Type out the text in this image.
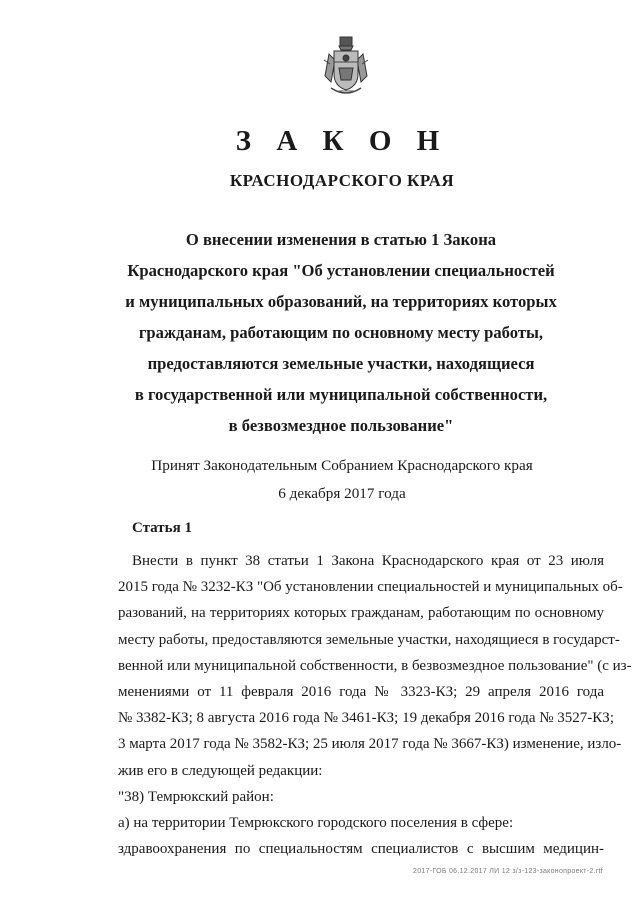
З А К О Н
КРАСНОДАРСКОГО КРАЯ
О внесении изменения в статью 1 Закона
Краснодарского края "Об установлении специальностей
и муниципальных образований, на территориях которых
гражданам, работающим по основному месту работы,
предоставляются земельные участки, находящиеся
в государственной или муниципальной собственности,
в безвозмездное пользование"
Принят Законодательным Собранием Краснодарского края
6 декабря 2017 года
Статья 1
Внести в пункт 38 статьи 1 Закона Краснодарского края от 23 июля
2015 года № 3232-КЗ "Об установлении специальностей и муниципальных об-
разований, на территориях которых гражданам, работающим по основному
месту работы, предоставляются земельные участки, находящиеся в государст-
венной или муниципальной собственности, в безвозмездное пользование" (с из-
менениями от 11 февраля 2016 года № 3323-КЗ; 29 апреля 2016 года
№ 3382-КЗ; 8 августа 2016 года № 3461-КЗ; 19 декабря 2016 года № 3527-КЗ;
3 марта 2017 года № 3582-КЗ; 25 июля 2017 года № 3667-КЗ) изменение, изло-
жив его в следующей редакции:
"38) Темрюкский район:
а) на территории Темрюкского городского поселения в сфере:
здравоохранения по специальностям специалистов с высшим медицин-
2017-ГОБ 06.12.2017 ЛИ 12 з/з-123-законопроект-2.rtf
